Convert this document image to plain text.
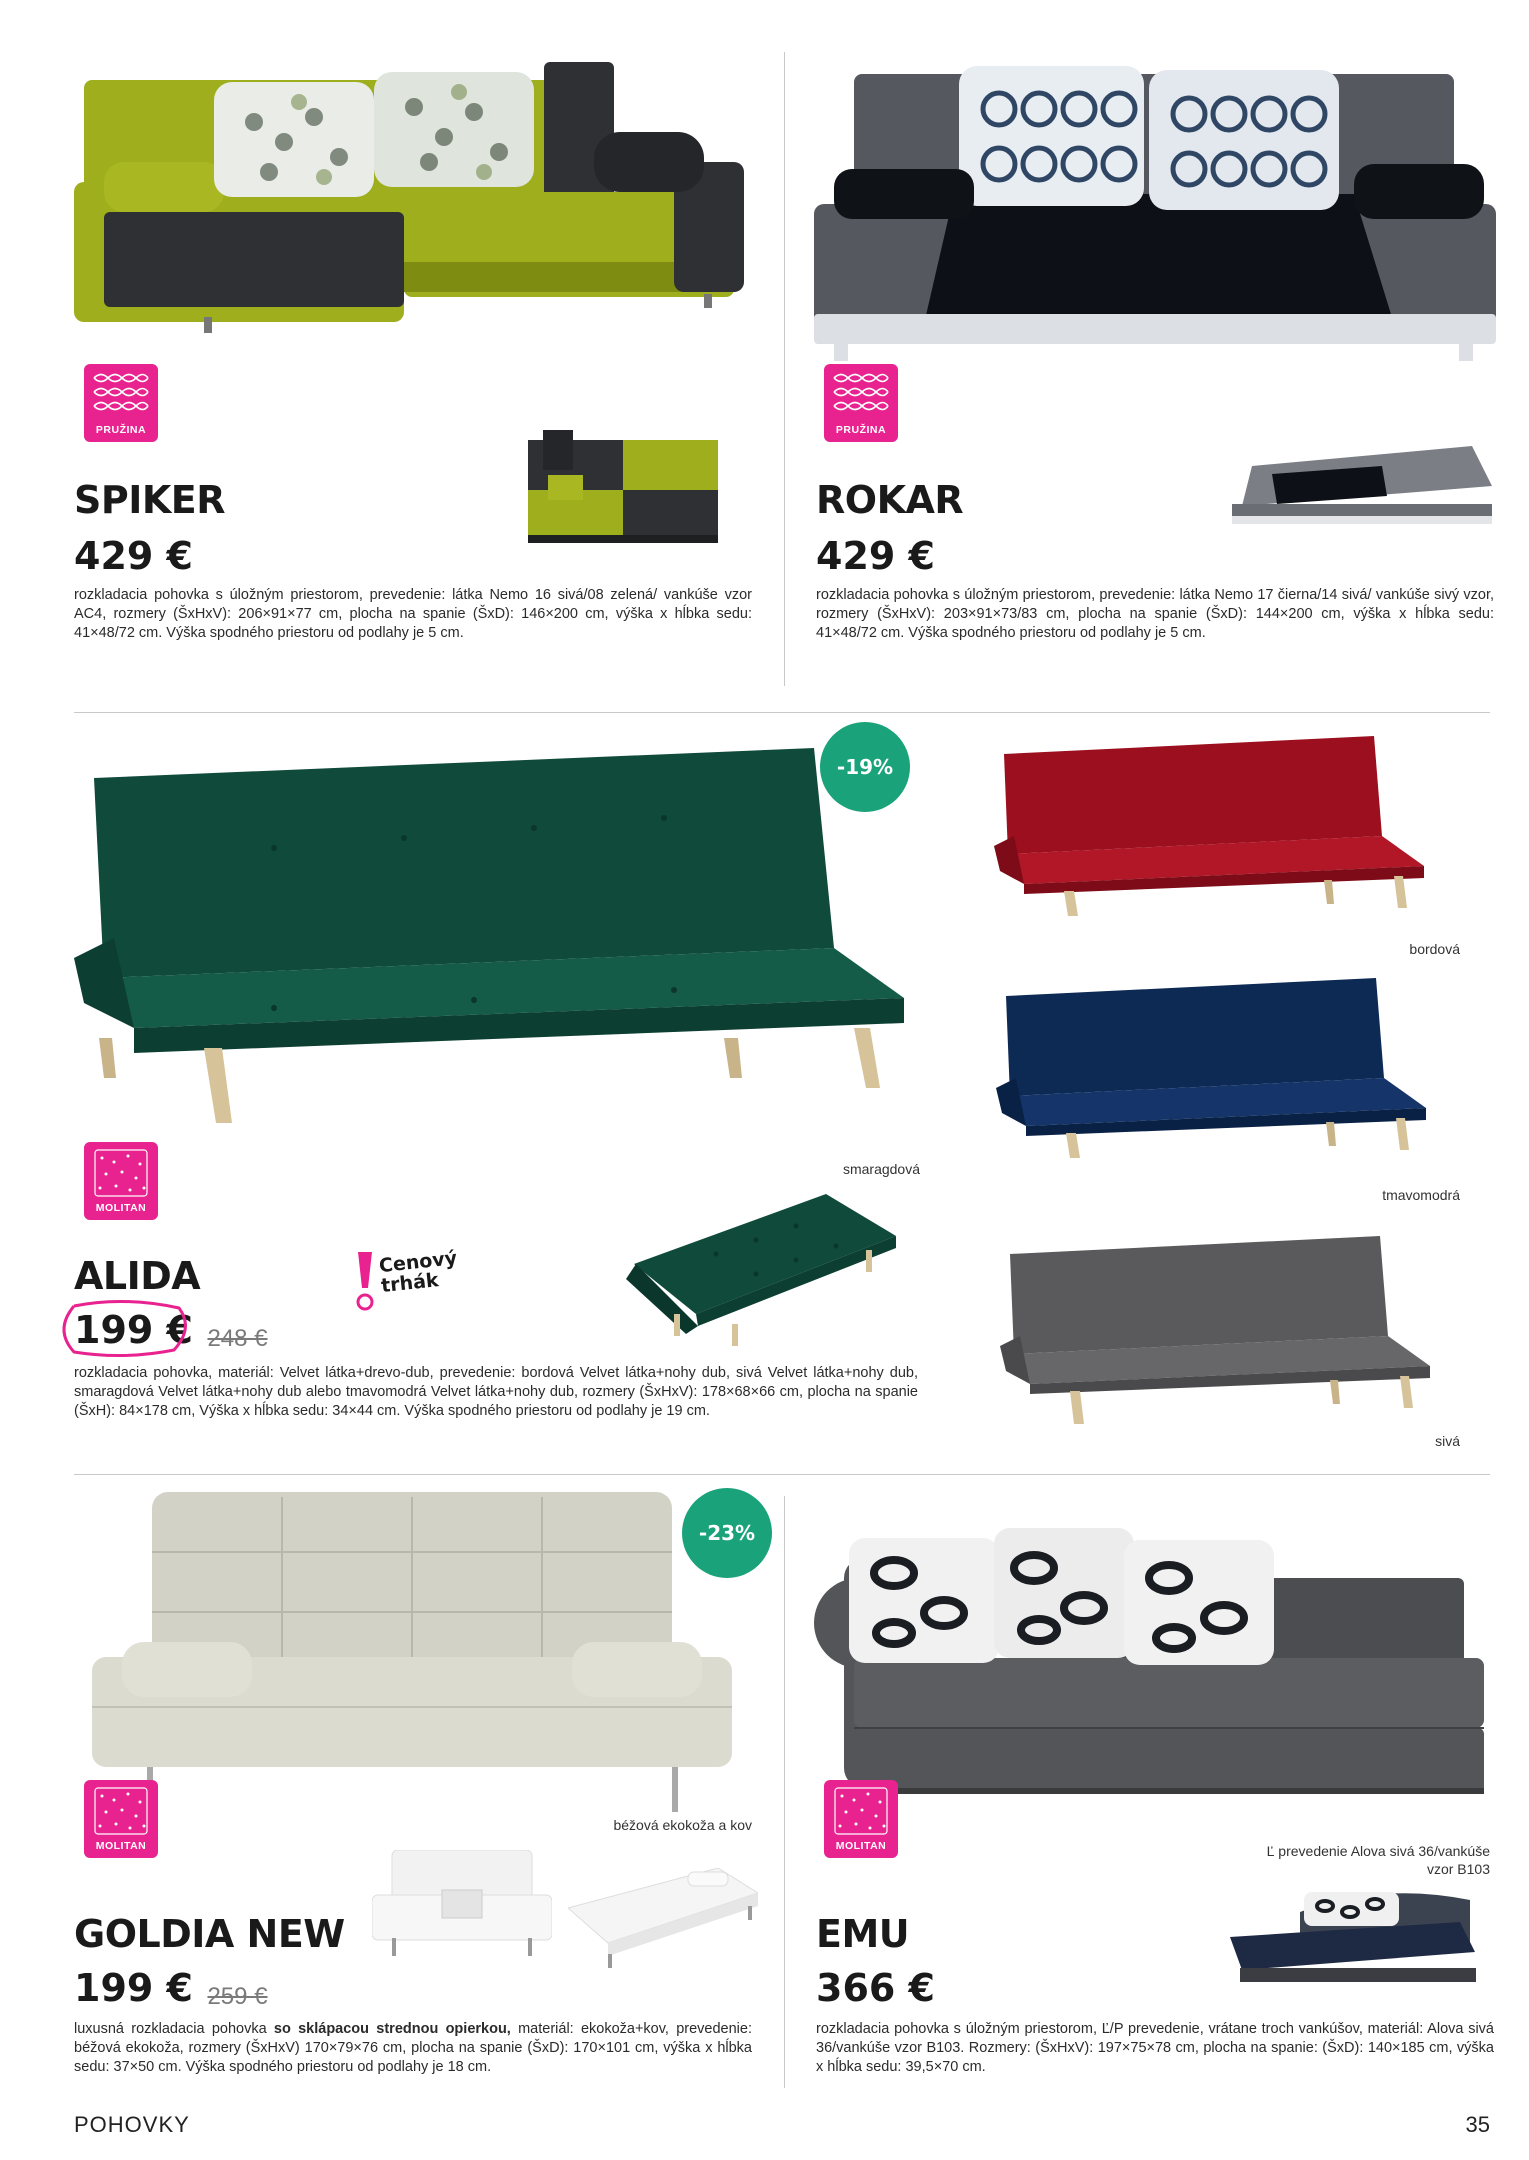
PRUŽINA
SPIKER
429 €
rozkladacia pohovka s úložným priestorom, prevedenie: látka Nemo 16 sivá/08 zelená/ vankúše vzor AC4, rozmery (ŠxHxV): 206×91×77 cm, plocha na spanie (ŠxD): 146×200 cm, výška x hĺbka sedu: 41×48/72 cm. Výška spodného priestoru od podlahy je 5 cm.
PRUŽINA
ROKAR
429 €
rozkladacia pohovka s úložným priestorom, prevedenie: látka Nemo 17 čierna/14 sivá/ vankúše sivý vzor, rozmery (ŠxHxV): 203×91×73/83 cm, plocha na spanie (ŠxD): 144×200 cm, výška x hĺbka sedu: 41×48/72 cm. Výška spodného priestoru od podlahy je 5 cm.
-19%
MOLITAN
smaragdová
bordová
tmavomodrá
sivá
Cenový trhák
ALIDA
199 € 248 €
rozkladacia pohovka, materiál: Velvet látka+drevo-dub, prevedenie: bordová Velvet látka+nohy dub, sivá Velvet látka+nohy dub, smaragdová Velvet látka+nohy dub alebo tmavomodrá Velvet látka+nohy dub, rozmery (ŠxHxV): 178×68×66 cm, plocha na spanie (ŠxH): 84×178 cm, Výška x hĺbka sedu: 34×44 cm. Výška spodného priestoru od podlahy je 19 cm.
-23%
MOLITAN
béžová ekokoža a kov
GOLDIA NEW
199 € 259 €
luxusná rozkladacia pohovka so sklápacou strednou opierkou, materiál: ekokoža+kov, prevedenie: béžová ekokoža, rozmery (ŠxHxV) 170×79×76 cm, plocha na spanie (ŠxD): 170×101 cm, výška x hĺbka sedu: 37×50 cm. Výška spodného priestoru od podlahy je 18 cm.
MOLITAN	Ľ prevedenie Alova sivá 36/vankúše
vzor B103
EMU
366 €
rozkladacia pohovka s úložným priestorom, Ľ/P prevedenie, vrátane troch vankúšov, materiál: Alova sivá 36/vankúše vzor B103. Rozmery: (ŠxHxV): 197×75×78 cm, plocha na spanie: (ŠxD): 140×185 cm, výška x hĺbka sedu: 39,5×70 cm.
POHOVKY	35
